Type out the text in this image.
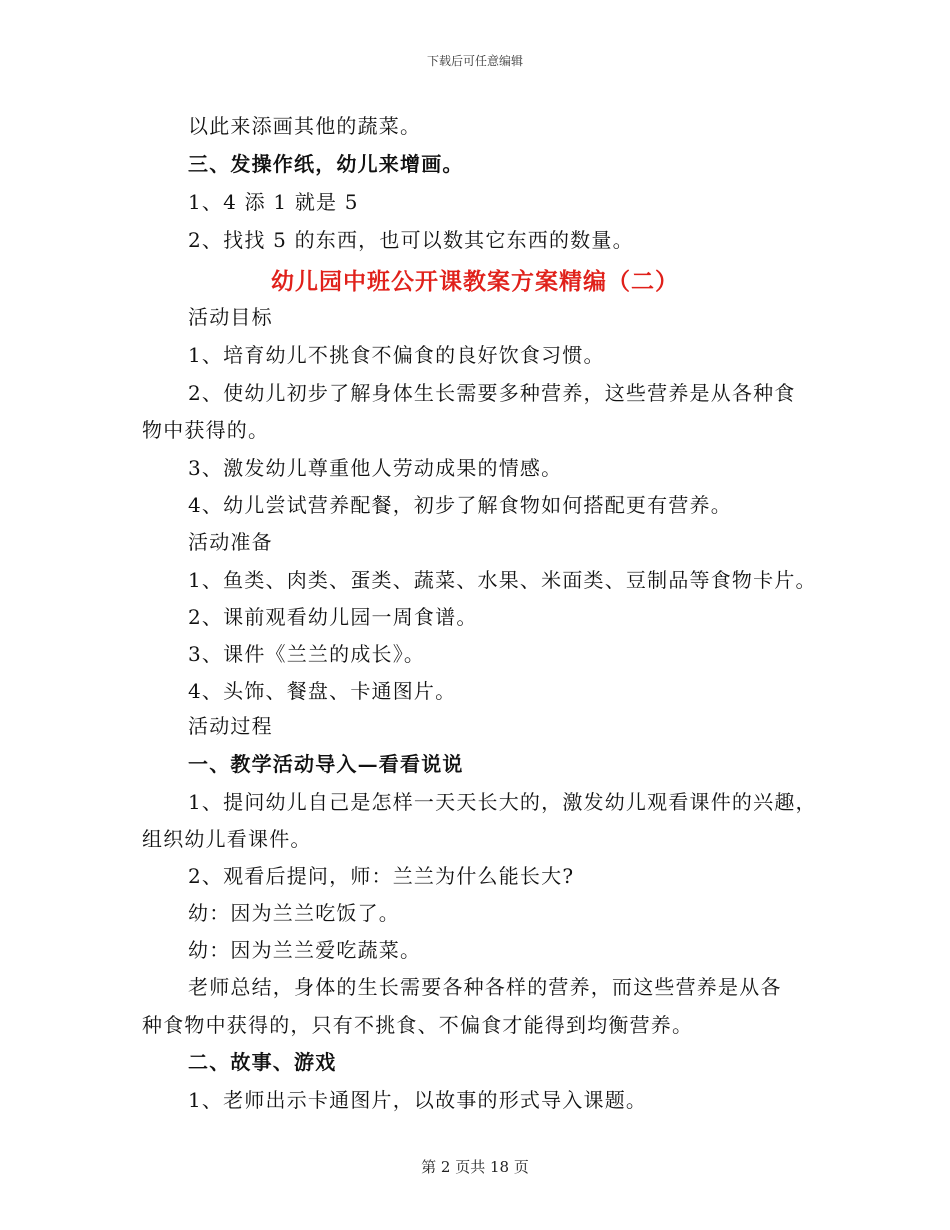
下载后可任意编辑
以此来添画其他的蔬菜。
三、发操作纸，幼儿来增画。
1、4 添 1 就是 5
2、找找 5 的东西，也可以数其它东西的数量。
幼儿园中班公开课教案方案精编（二）
活动目标
1、培育幼儿不挑食不偏食的良好饮食习惯。
2、使幼儿初步了解身体生长需要多种营养，这些营养是从各种食
物中获得的。
3、激发幼儿尊重他人劳动成果的情感。
4、幼儿尝试营养配餐，初步了解食物如何搭配更有营养。
活动准备
1、鱼类、肉类、蛋类、蔬菜、水果、米面类、豆制品等食物卡片。
2、课前观看幼儿园一周食谱。
3、课件《兰兰的成长》。
4、头饰、餐盘、卡通图片。
活动过程
一、教学活动导入—看看说说
1、提问幼儿自己是怎样一天天长大的，激发幼儿观看课件的兴趣，
组织幼儿看课件。
2、观看后提问，师：兰兰为什么能长大?
幼：因为兰兰吃饭了。
幼：因为兰兰爱吃蔬菜。
老师总结，身体的生长需要各种各样的营养，而这些营养是从各
种食物中获得的，只有不挑食、不偏食才能得到均衡营养。
二、故事、游戏
1、老师出示卡通图片，以故事的形式导入课题。
第 2 页共 18 页
